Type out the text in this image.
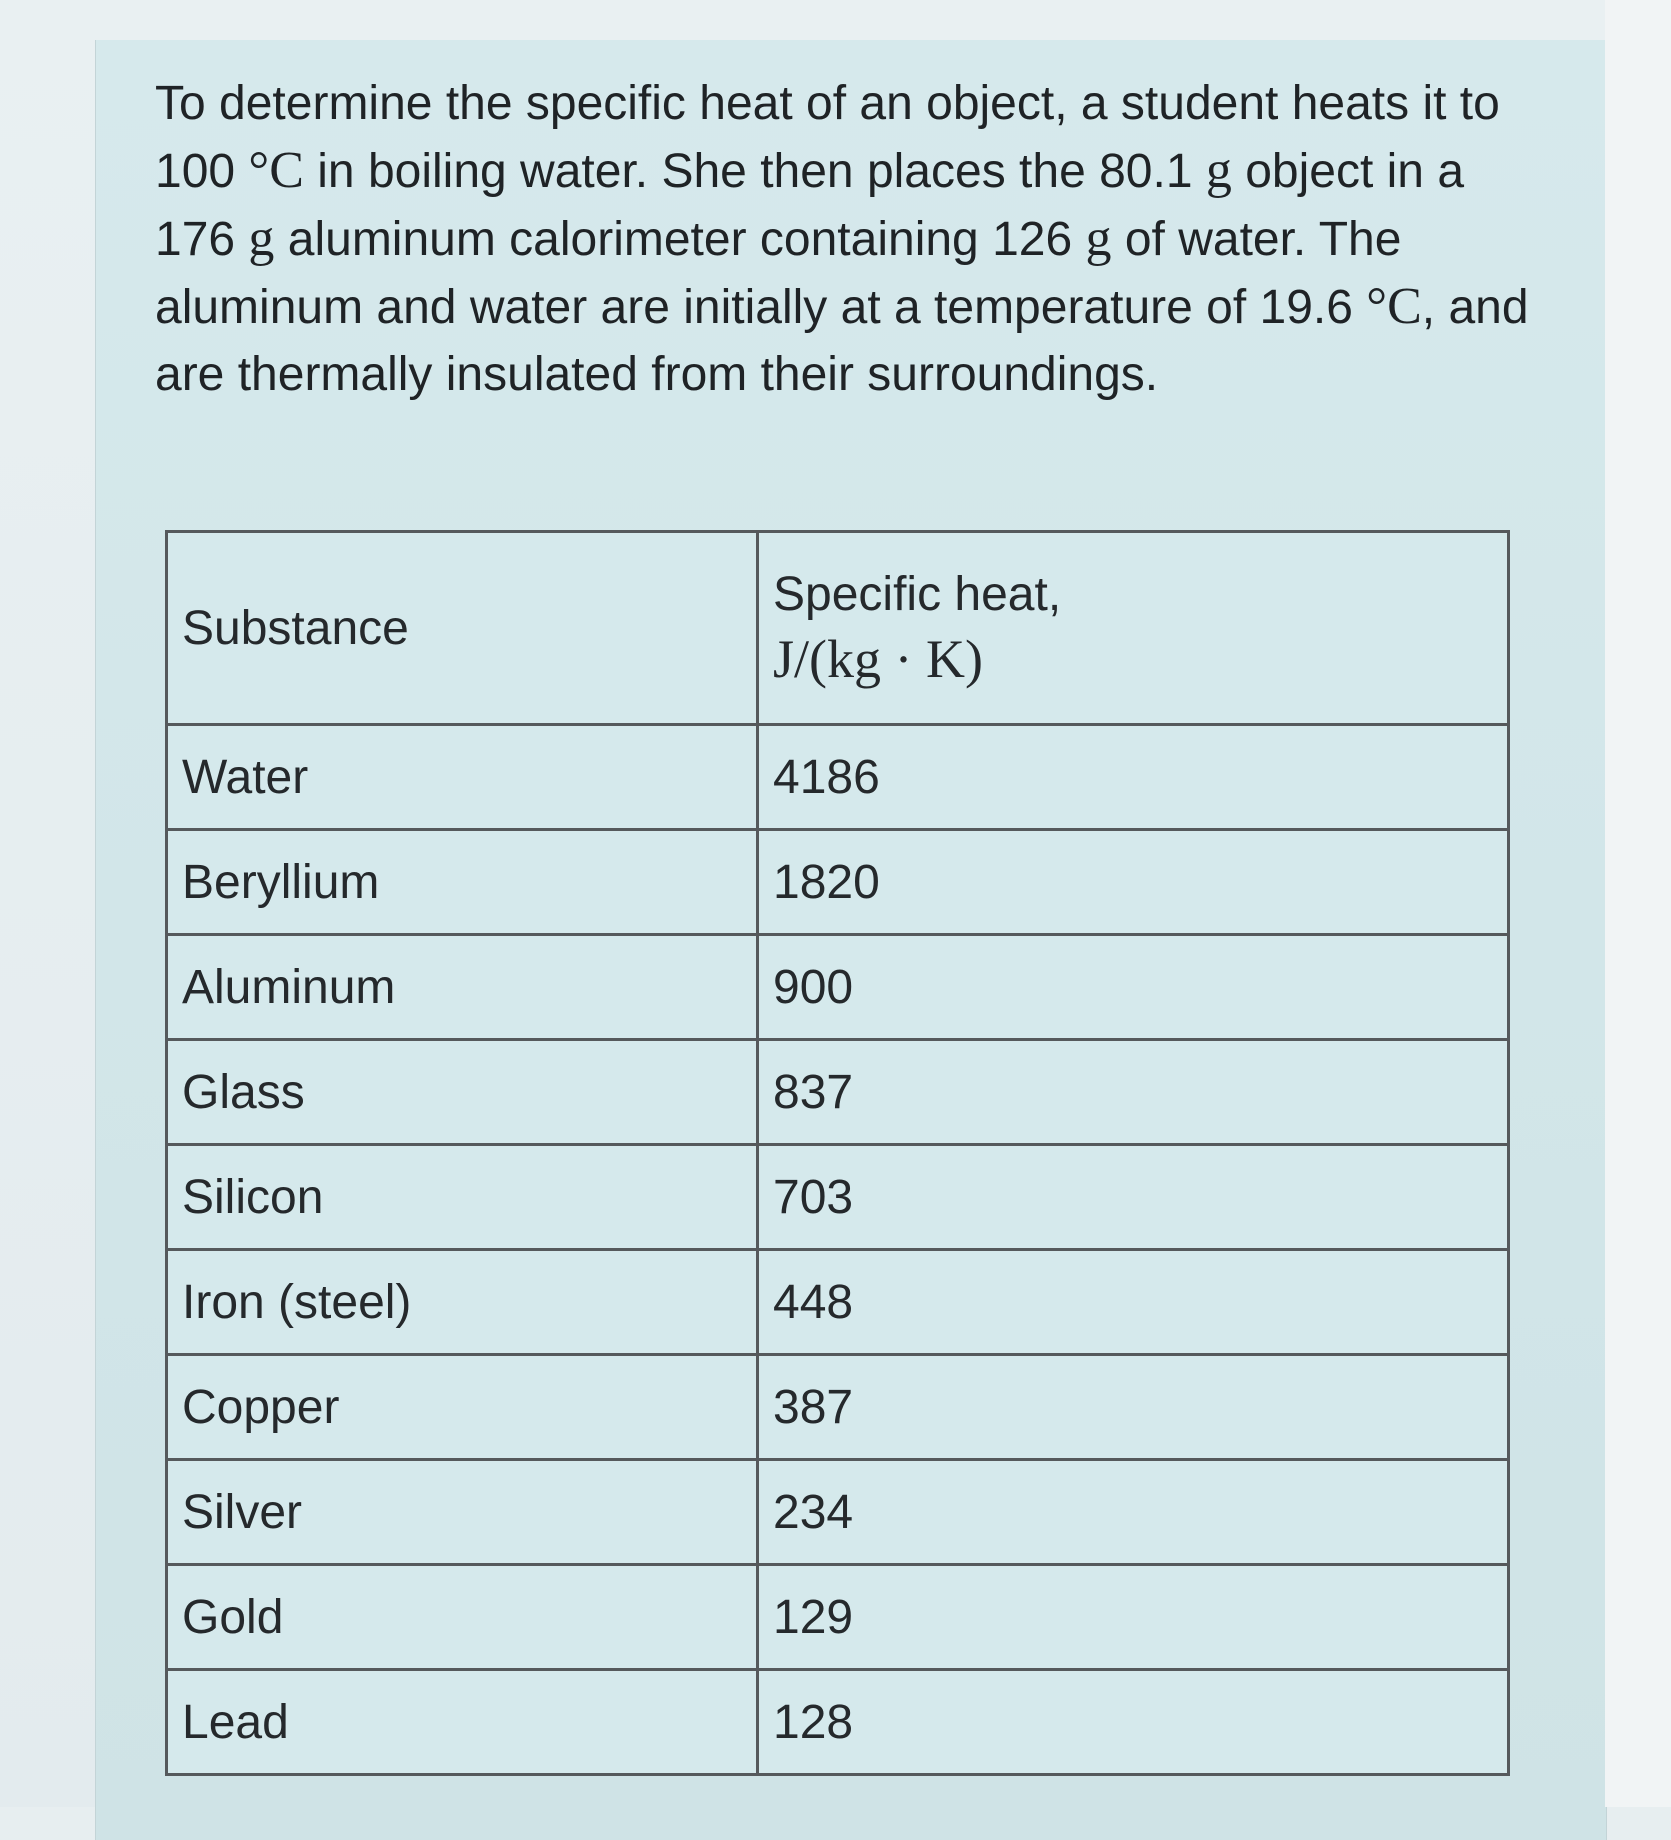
To determine the specific heat of an object, a student heats it to 100 °C in boiling water. She then places the 80.1 g object in a 176 g aluminum calorimeter containing 126 g of water. The aluminum and water are initially at a temperature of 19.6 °C, and are thermally insulated from their surroundings.

Substance	Specific heat,
J/(kg · K)

Water	4186
Beryllium	1820
Aluminum	900
Glass	837
Silicon	703
Iron (steel)	448
Copper	387
Silver	234
Gold	129
Lead	128
